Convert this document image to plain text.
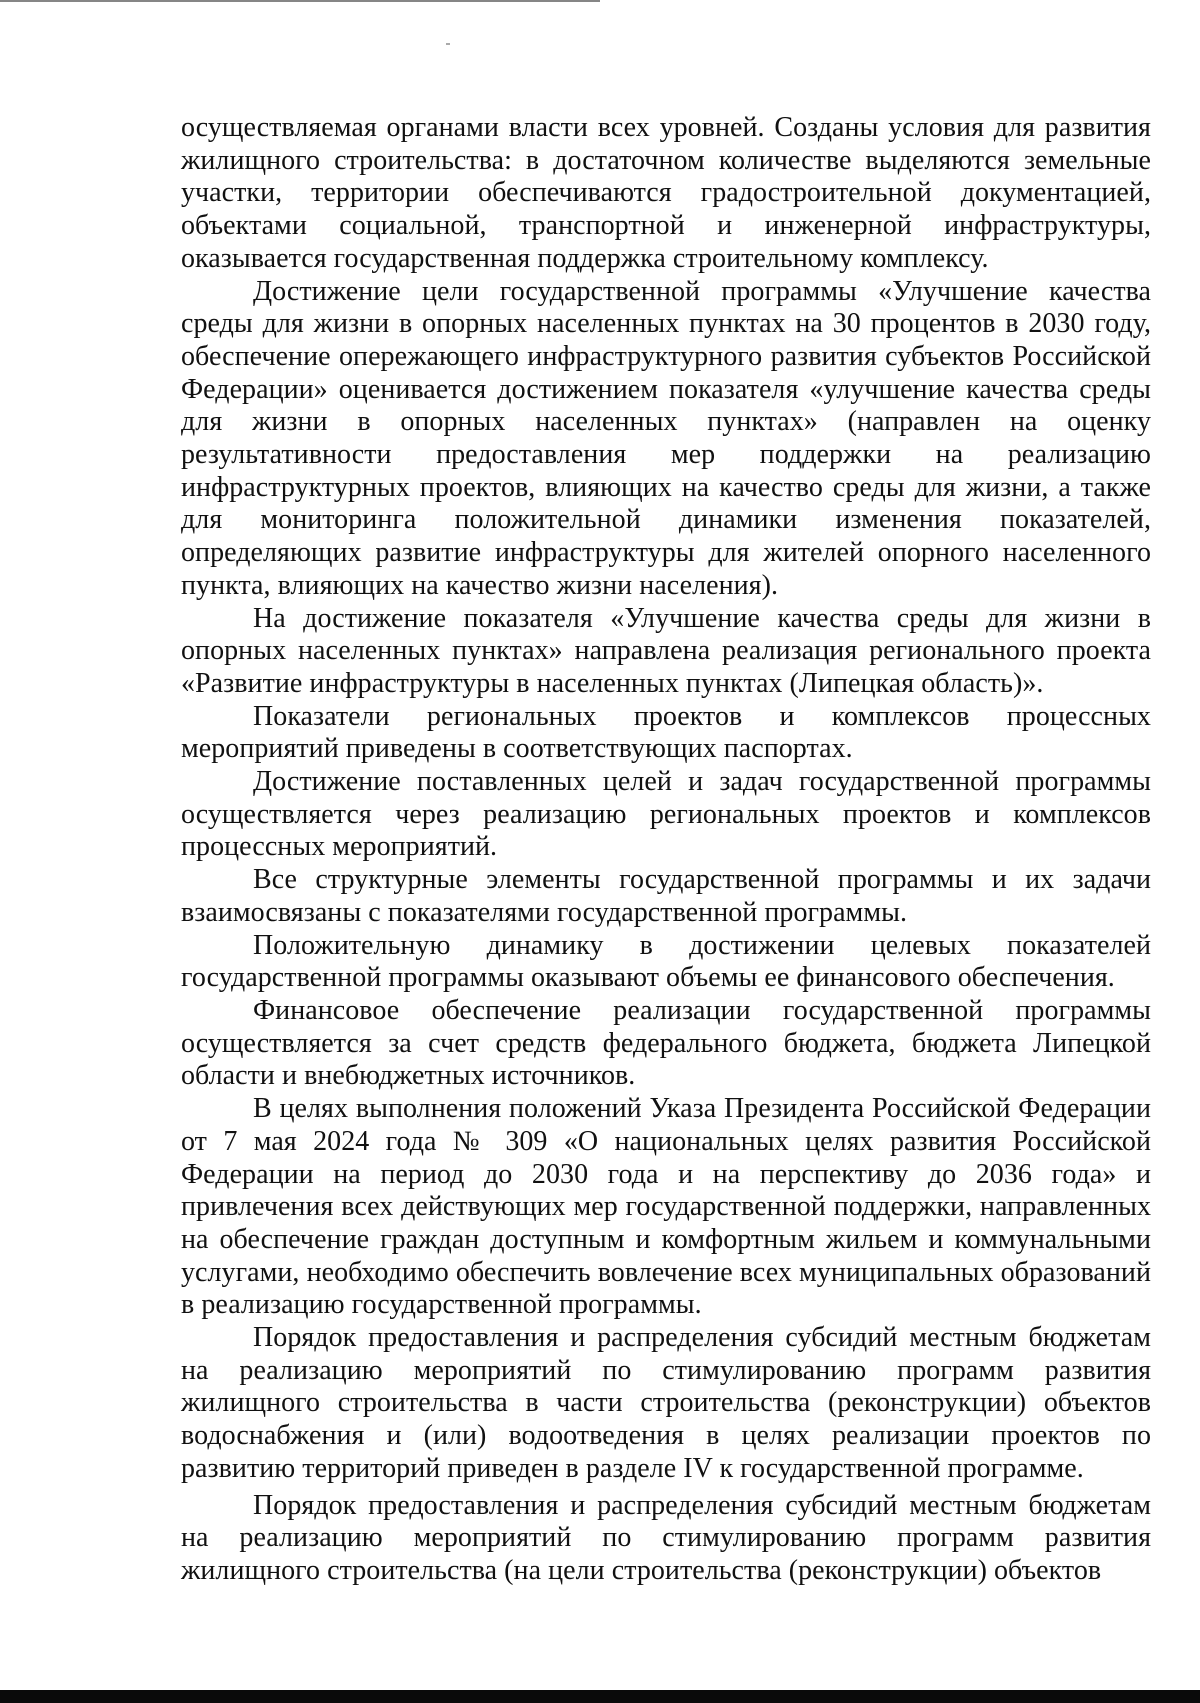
осуществляемая органами власти всех уровней. Созданы условия для развития жилищного строительства: в достаточном количестве выделяются земельные участки, территории обеспечиваются градостроительной документацией, объектами социальной, транспортной и инженерной инфраструктуры, оказывается государственная поддержка строительному комплексу.

Достижение цели государственной программы «Улучшение качества среды для жизни в опорных населенных пунктах на 30 процентов в 2030 году, обеспечение опережающего инфраструктурного развития субъектов Российской Федерации» оценивается достижением показателя «улучшение качества среды для жизни в опорных населенных пунктах» (направлен на оценку результативности предоставления мер поддержки на реализацию инфраструктурных проектов, влияющих на качество среды для жизни, а также для мониторинга положительной динамики изменения показателей, определяющих развитие инфраструктуры для жителей опорного населенного пункта, влияющих на качество жизни населения).

На достижение показателя «Улучшение качества среды для жизни в опорных населенных пунктах» направлена реализация регионального проекта «Развитие инфраструктуры в населенных пунктах (Липецкая область)».

Показатели региональных проектов и комплексов процессных мероприятий приведены в соответствующих паспортах.

Достижение поставленных целей и задач государственной программы осуществляется через реализацию региональных проектов и комплексов процессных мероприятий.

Все структурные элементы государственной программы и их задачи взаимосвязаны с показателями государственной программы.

Положительную динамику в достижении целевых показателей государственной программы оказывают объемы ее финансового обеспечения.

Финансовое обеспечение реализации государственной программы осуществляется за счет средств федерального бюджета, бюджета Липецкой области и внебюджетных источников.

В целях выполнения положений Указа Президента Российской Федерации от 7 мая 2024 года № 309 «О национальных целях развития Российской Федерации на период до 2030 года и на перспективу до 2036 года» и привлечения всех действующих мер государственной поддержки, направленных на обеспечение граждан доступным и комфортным жильем и коммунальными услугами, необходимо обеспечить вовлечение всех муниципальных образований в реализацию государственной программы.

Порядок предоставления и распределения субсидий местным бюджетам на реализацию мероприятий по стимулированию программ развития жилищного строительства в части строительства (реконструкции) объектов водоснабжения и (или) водоотведения в целях реализации проектов по развитию территорий приведен в разделе IV к государственной программе.

Порядок предоставления и распределения субсидий местным бюджетам на реализацию мероприятий по стимулированию программ развития жилищного строительства (на цели строительства (реконструкции) объектов
